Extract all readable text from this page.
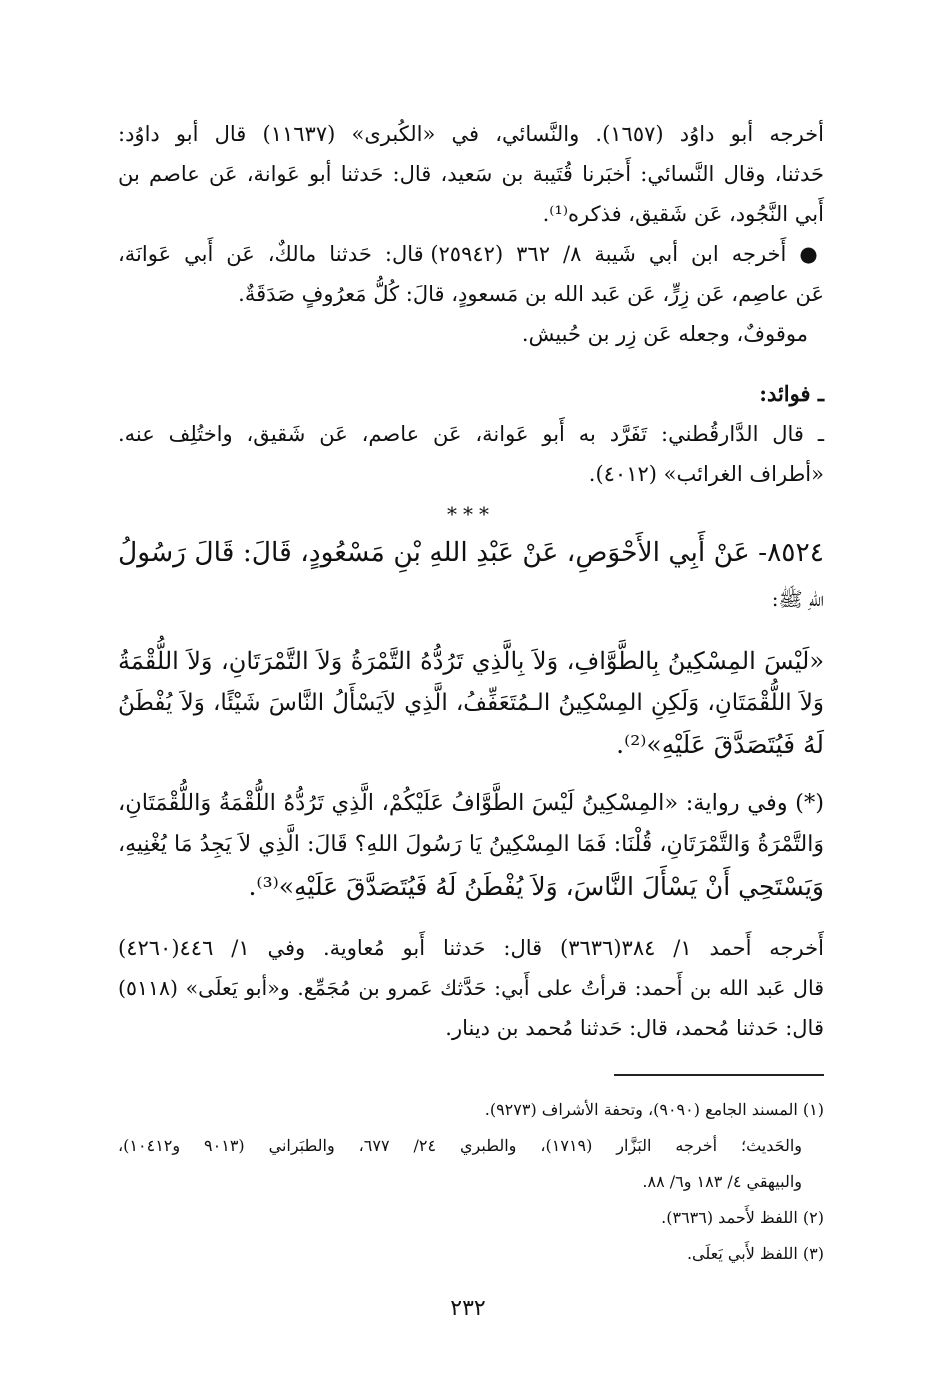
أخرجه أبو داوُد (١٦٥٧). والنَّسائي، في «الكُبرى» (١١٦٣٧) قال أبو داوُد:
حَدثنا، وقال النَّسائي: أَخبَرنا قُتَيبة بن سَعيد، قال: حَدثنا أبو عَوانة، عَن عاصم بن
أَبي النَّجُود، عَن شَقيق، فذكره⁽¹⁾.
● أَخرجه ابن أبي شَيبة ٨/ ٣٦٢ (٢٥٩٤٢) قال: حَدثنا مالكٌ، عَن أَبي عَوانَة،
عَن عاصِم، عَن زِرٍّ، عَن عَبد الله بن مَسعودٍ، قالَ: كُلُّ مَعرُوفٍ صَدَقَةٌ.
موقوفٌ، وجعله عَن زِر بن حُبيش.
ـ فوائد:
ـ قال الدَّارقُطني: تَفَرَّد به أَبو عَوانة، عَن عاصم، عَن شَقيق، واختُلِف عنه.
«أطراف الغرائب» (٤٠١٢).
***
٨٥٢٤- عَنْ أَبِي الأَحْوَصِ، عَنْ عَبْدِ اللهِ بْنِ مَسْعُودٍ، قَالَ: قَالَ رَسُولُ
اللهِ ﷺ:
«لَيْسَ المِسْكِينُ بِالطَّوَّافِ، وَلاَ بِالَّذِي تَرُدُّهُ التَّمْرَةُ وَلاَ التَّمْرَتَانِ، وَلاَ اللُّقْمَةُ
وَلاَ اللُّقْمَتَانِ، وَلَكِنِ المِسْكِينُ الـمُتَعَفِّفُ، الَّذِي لاَيَسْأَلُ النَّاسَ شَيْئًا، وَلاَ يُفْطَنُ
لَهُ فَيُتَصَدَّقَ عَلَيْهِ»⁽²⁾.
(*) وفي رواية: «المِسْكِينُ لَيْسَ الطَّوَّافُ عَلَيْكُمْ، الَّذِي تَرُدُّهُ اللُّقْمَةُ وَاللُّقْمَتَانِ،
وَالتَّمْرَةُ وَالتَّمْرَتَانِ، قُلْنَا: فَمَا المِسْكِينُ يَا رَسُولَ اللهِ؟ قَالَ: الَّذِي لاَ يَجِدُ مَا يُغْنِيهِ،
وَيَسْتَحِي أَنْ يَسْأَلَ النَّاسَ، وَلاَ يُفْطَنُ لَهُ فَيُتَصَدَّقَ عَلَيْهِ»⁽³⁾.
أَخرجه أَحمد ١/ ٣٨٤(٣٦٣٦) قال: حَدثنا أَبو مُعاوية. وفي ١/ ٤٤٦(٤٢٦٠)
قال عَبد الله بن أَحمد: قرأتُ على أَبي: حَدَّثك عَمرو بن مُجَمِّع. و«أبو يَعلَى» (٥١١٨)
قال: حَدثنا مُحمد، قال: حَدثنا مُحمد بن دينار.
(١) المسند الجامع (٩٠٩٠)، وتحفة الأشراف (٩٢٧٣).
والحَديث؛ أخرجه البَزَّار (١٧١٩)، والطبري ٢٤/ ٦٧٧، والطبَراني (٩٠١٣ و١٠٤١٢)،
والبيهقي ٤/ ١٨٣ و٦/ ٨٨.
(٢) اللفظ لأَحمد (٣٦٣٦).
(٣) اللفظ لأَبي يَعلَى.
٢٣٢
